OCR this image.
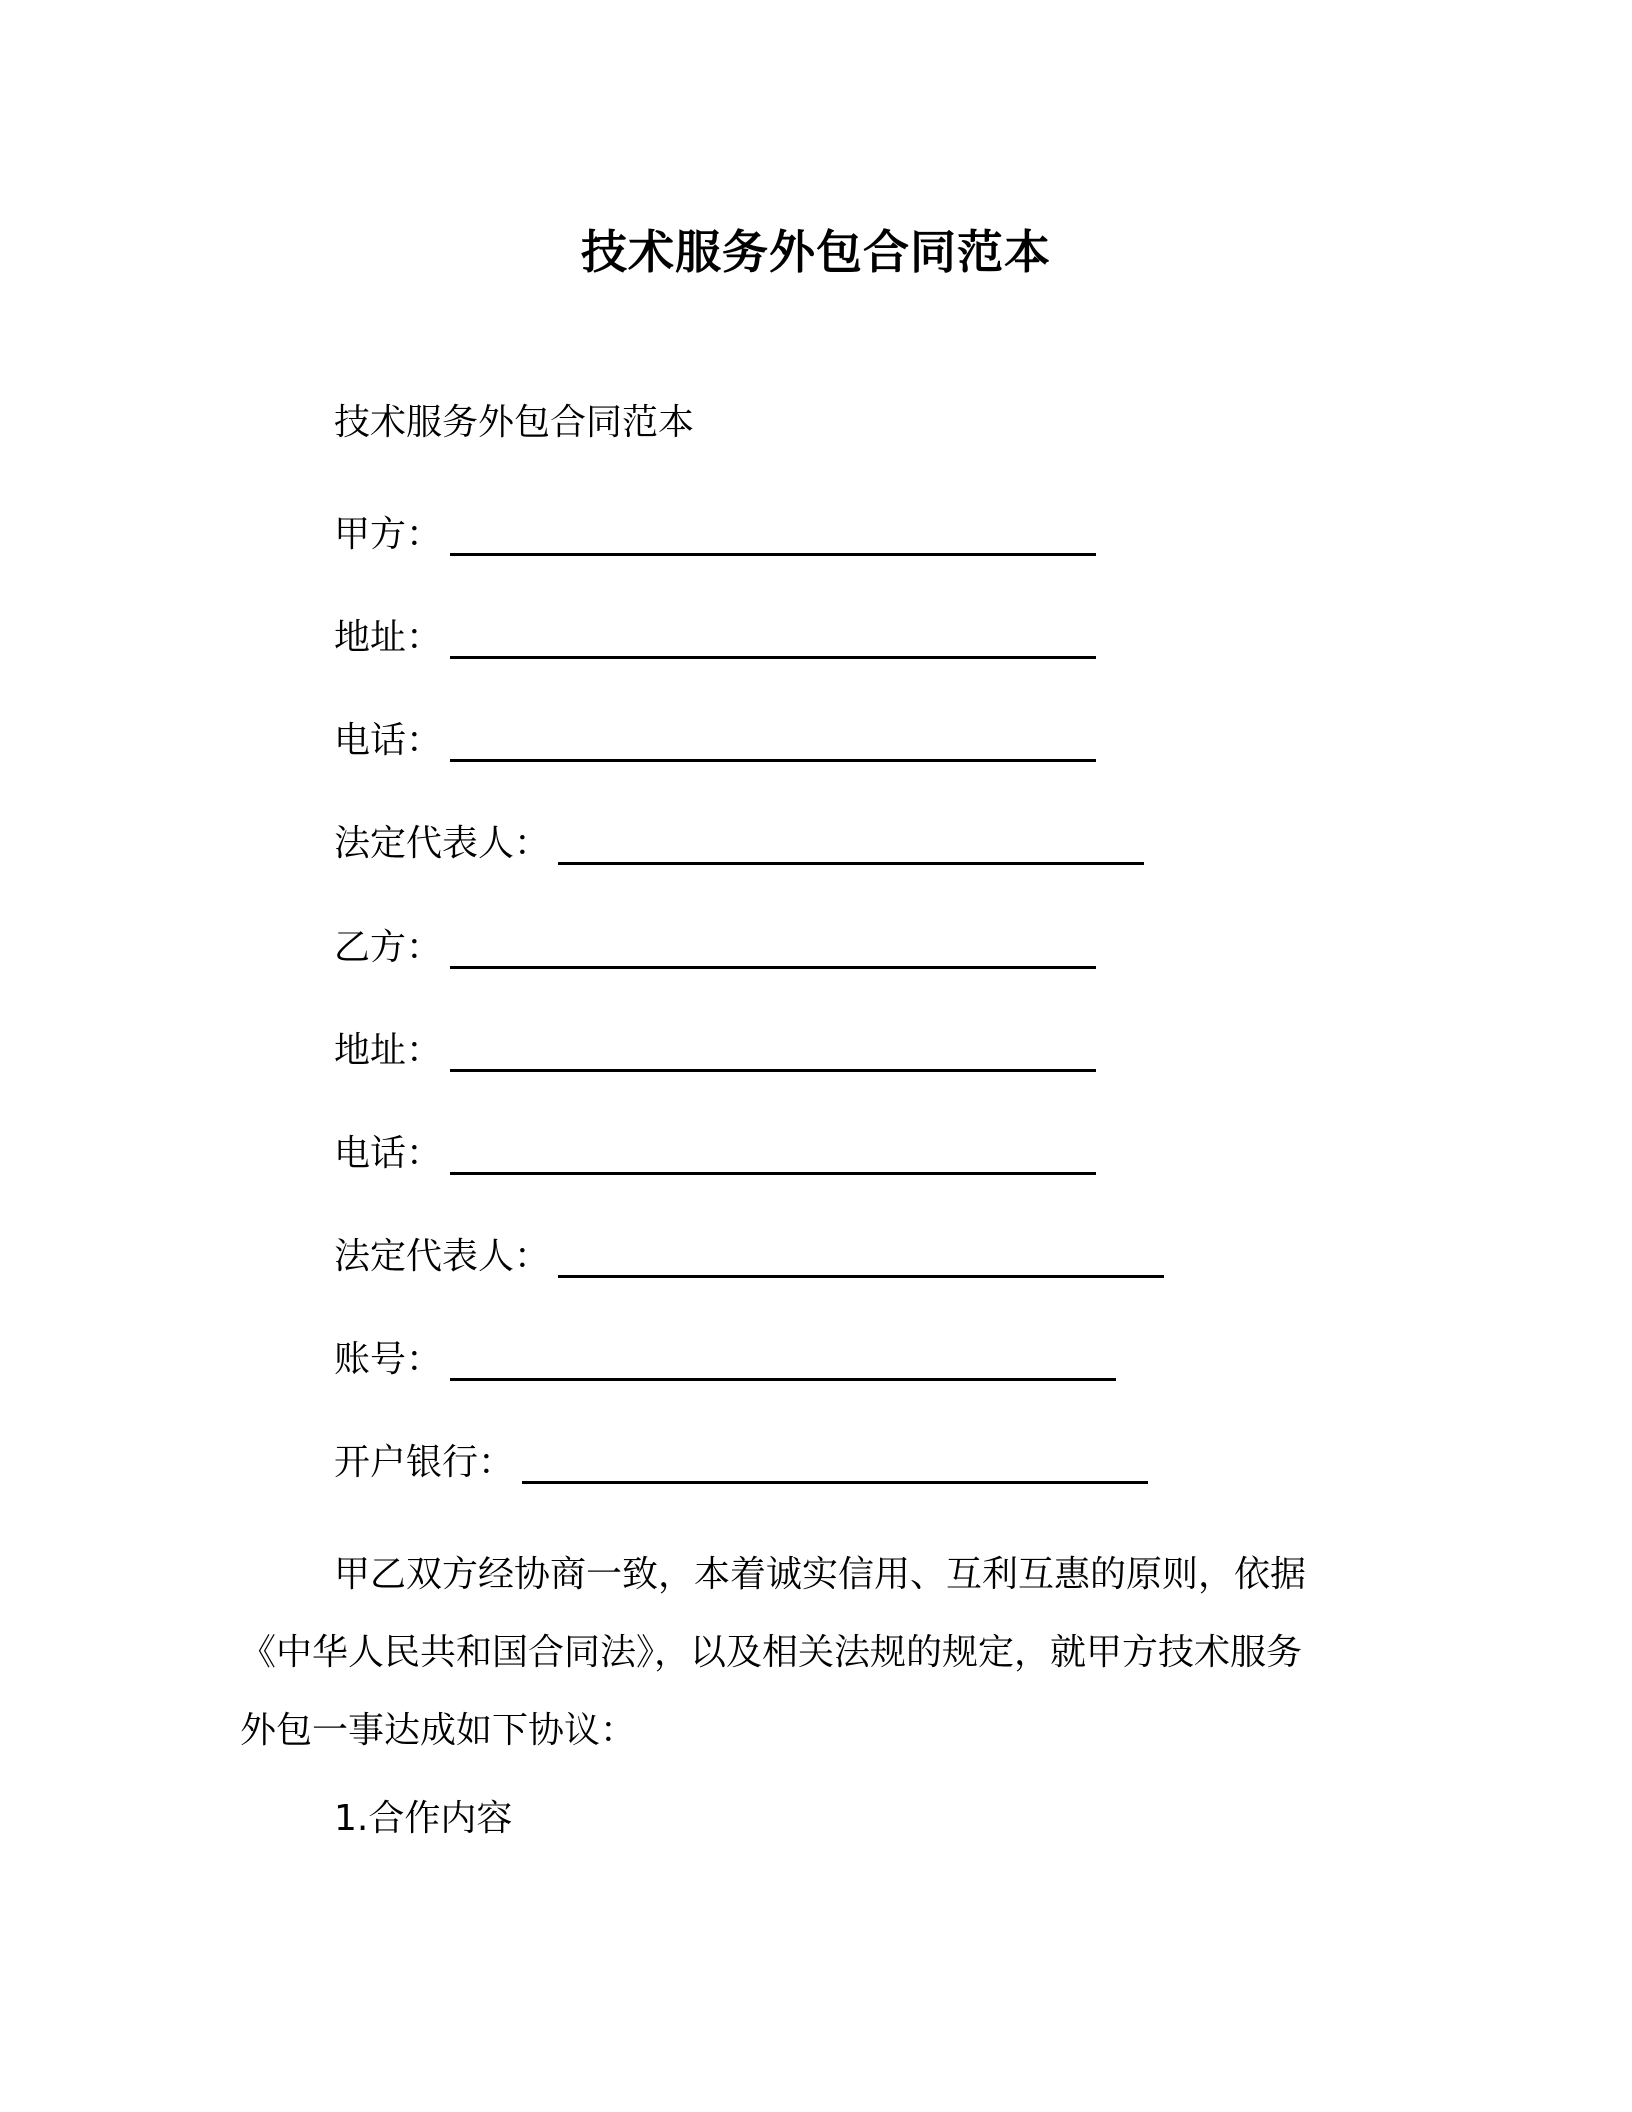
技术服务外包合同范本
技术服务外包合同范本
甲方：
地址：
电话：
法定代表人：
乙方：
地址：
电话：
法定代表人：
账号：
开户银行：
甲乙双方经协商一致，本着诚实信用、互利互惠的原则，依据
《中华人民共和国合同法》，以及相关法规的规定，就甲方技术服务
外包一事达成如下协议：
1.合作内容
